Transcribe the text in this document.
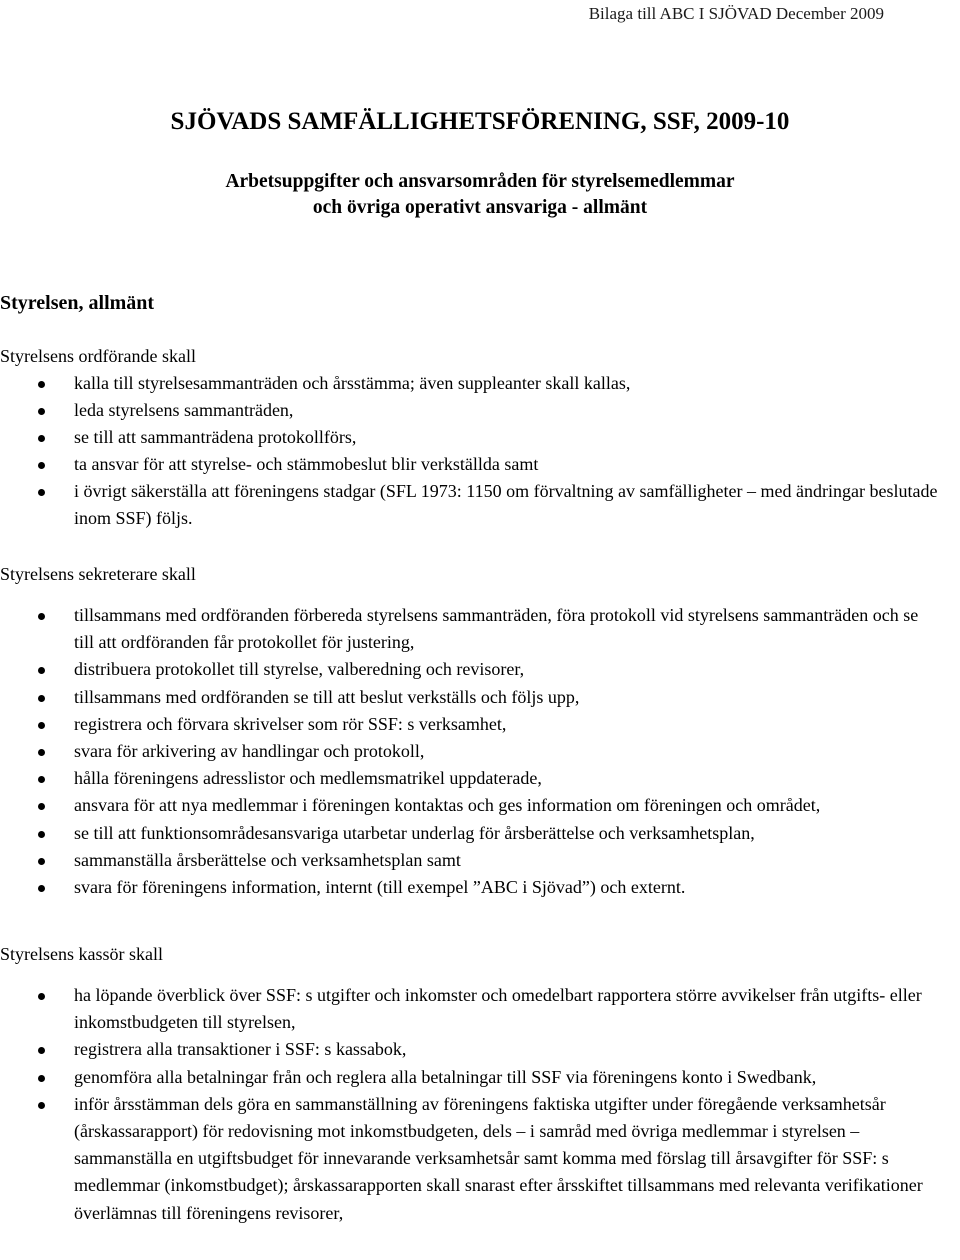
Bilaga till ABC I SJÖVAD December 2009
SJÖVADS SAMFÄLLIGHETSFÖRENING, SSF, 2009-10
Arbetsuppgifter och ansvarsområden för styrelsemedlemmar
och övriga operativt ansvariga - allmänt
Styrelsen, allmänt
Styrelsens ordförande skall
kalla till styrelsesammanträden och årsstämma; även suppleanter skall kallas,
leda styrelsens sammanträden,
se till att sammanträdena protokollförs,
ta ansvar för att styrelse- och stämmobeslut blir verkställda samt
i övrigt säkerställa att föreningens stadgar (SFL 1973: 1150 om förvaltning av samfälligheter – med ändringar beslutade inom SSF) följs.
Styrelsens sekreterare skall
tillsammans med ordföranden förbereda styrelsens sammanträden, föra protokoll vid styrelsens sammanträden och se till att ordföranden får protokollet för justering,
distribuera protokollet till styrelse, valberedning och revisorer,
tillsammans med ordföranden se till att beslut verkställs och följs upp,
registrera och förvara skrivelser som rör SSF: s verksamhet,
svara för arkivering av handlingar och protokoll,
hålla föreningens adresslistor och medlemsmatrikel uppdaterade,
ansvara för att nya medlemmar i föreningen kontaktas och ges information om föreningen och området,
se till att funktionsområdesansvariga utarbetar underlag för årsberättelse och verksamhetsplan,
sammanställa årsberättelse och verksamhetsplan samt
svara för föreningens information, internt (till exempel ”ABC i Sjövad”) och externt.
Styrelsens kassör skall
ha löpande överblick över SSF: s utgifter och inkomster och omedelbart rapportera större avvikelser från utgifts- eller inkomstbudgeten till styrelsen,
registrera alla transaktioner i SSF: s kassabok,
genomföra alla betalningar från och reglera alla betalningar till SSF via föreningens konto i Swedbank,
inför årsstämman dels göra en sammanställning av föreningens faktiska utgifter under föregående verksamhetsår (årskassarapport) för redovisning mot inkomstbudgeten, dels – i samråd med övriga medlemmar i styrelsen – sammanställa en utgiftsbudget för innevarande verksamhetsår samt komma med förslag till årsavgifter för SSF: s medlemmar (inkomstbudget); årskassarapporten skall snarast efter årsskiftet tillsammans med relevanta verifikationer överlämnas till föreningens revisorer,
